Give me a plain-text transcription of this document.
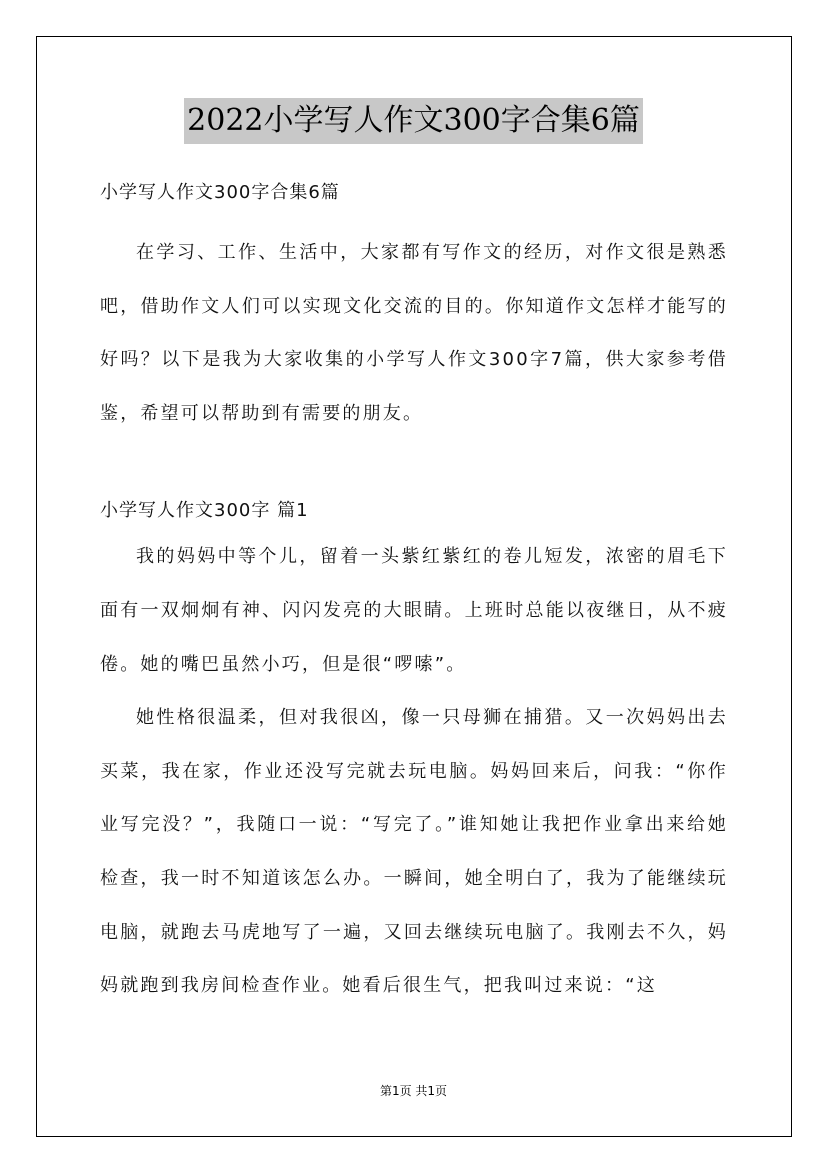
2022小学写人作文300字合集6篇

小学写人作文300字合集6篇

在学习、工作、生活中，大家都有写作文的经历，对作文很是熟悉吧，借助作文人们可以实现文化交流的目的。你知道作文怎样才能写的好吗？以下是我为大家收集的小学写人作文300字7篇，供大家参考借鉴，希望可以帮助到有需要的朋友。

小学写人作文300字 篇1

我的妈妈中等个儿，留着一头紫红紫红的卷儿短发，浓密的眉毛下面有一双炯炯有神、闪闪发亮的大眼睛。上班时总能以夜继日，从不疲倦。她的嘴巴虽然小巧，但是很“啰嗦”。

她性格很温柔，但对我很凶，像一只母狮在捕猎。又一次妈妈出去买菜，我在家，作业还没写完就去玩电脑。妈妈回来后，问我：“你作业写完没？”，我随口一说：“写完了。”谁知她让我把作业拿出来给她检查，我一时不知道该怎么办。一瞬间，她全明白了，我为了能继续玩电脑，就跑去马虎地写了一遍，又回去继续玩电脑了。我刚去不久，妈妈就跑到我房间检查作业。她看后很生气，把我叫过来说：“这

第1页 共1页
